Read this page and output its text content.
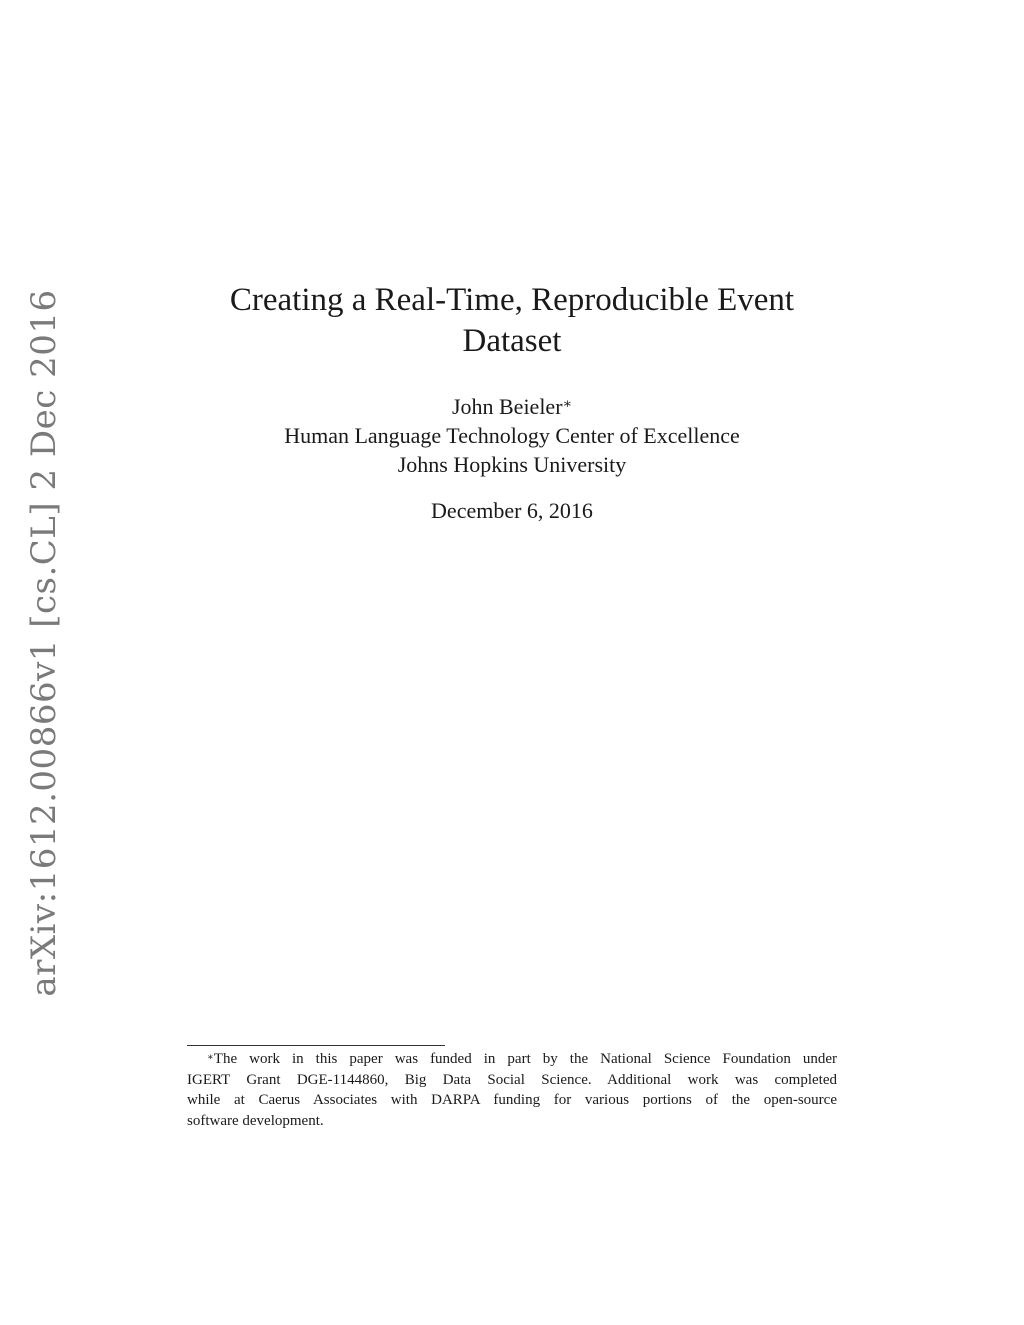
arXiv:1612.00866v1 [cs.CL] 2 Dec 2016	Creating a Real-Time, Reproducible Event
Dataset
John Beieler∗
Human Language Technology Center of Excellence
Johns Hopkins University
December 6, 2016
∗The work in this paper was funded in part by the National Science Foundation under
IGERT Grant DGE-1144860, Big Data Social Science. Additional work was completed
while at Caerus Associates with DARPA funding for various portions of the open-source
software development.
